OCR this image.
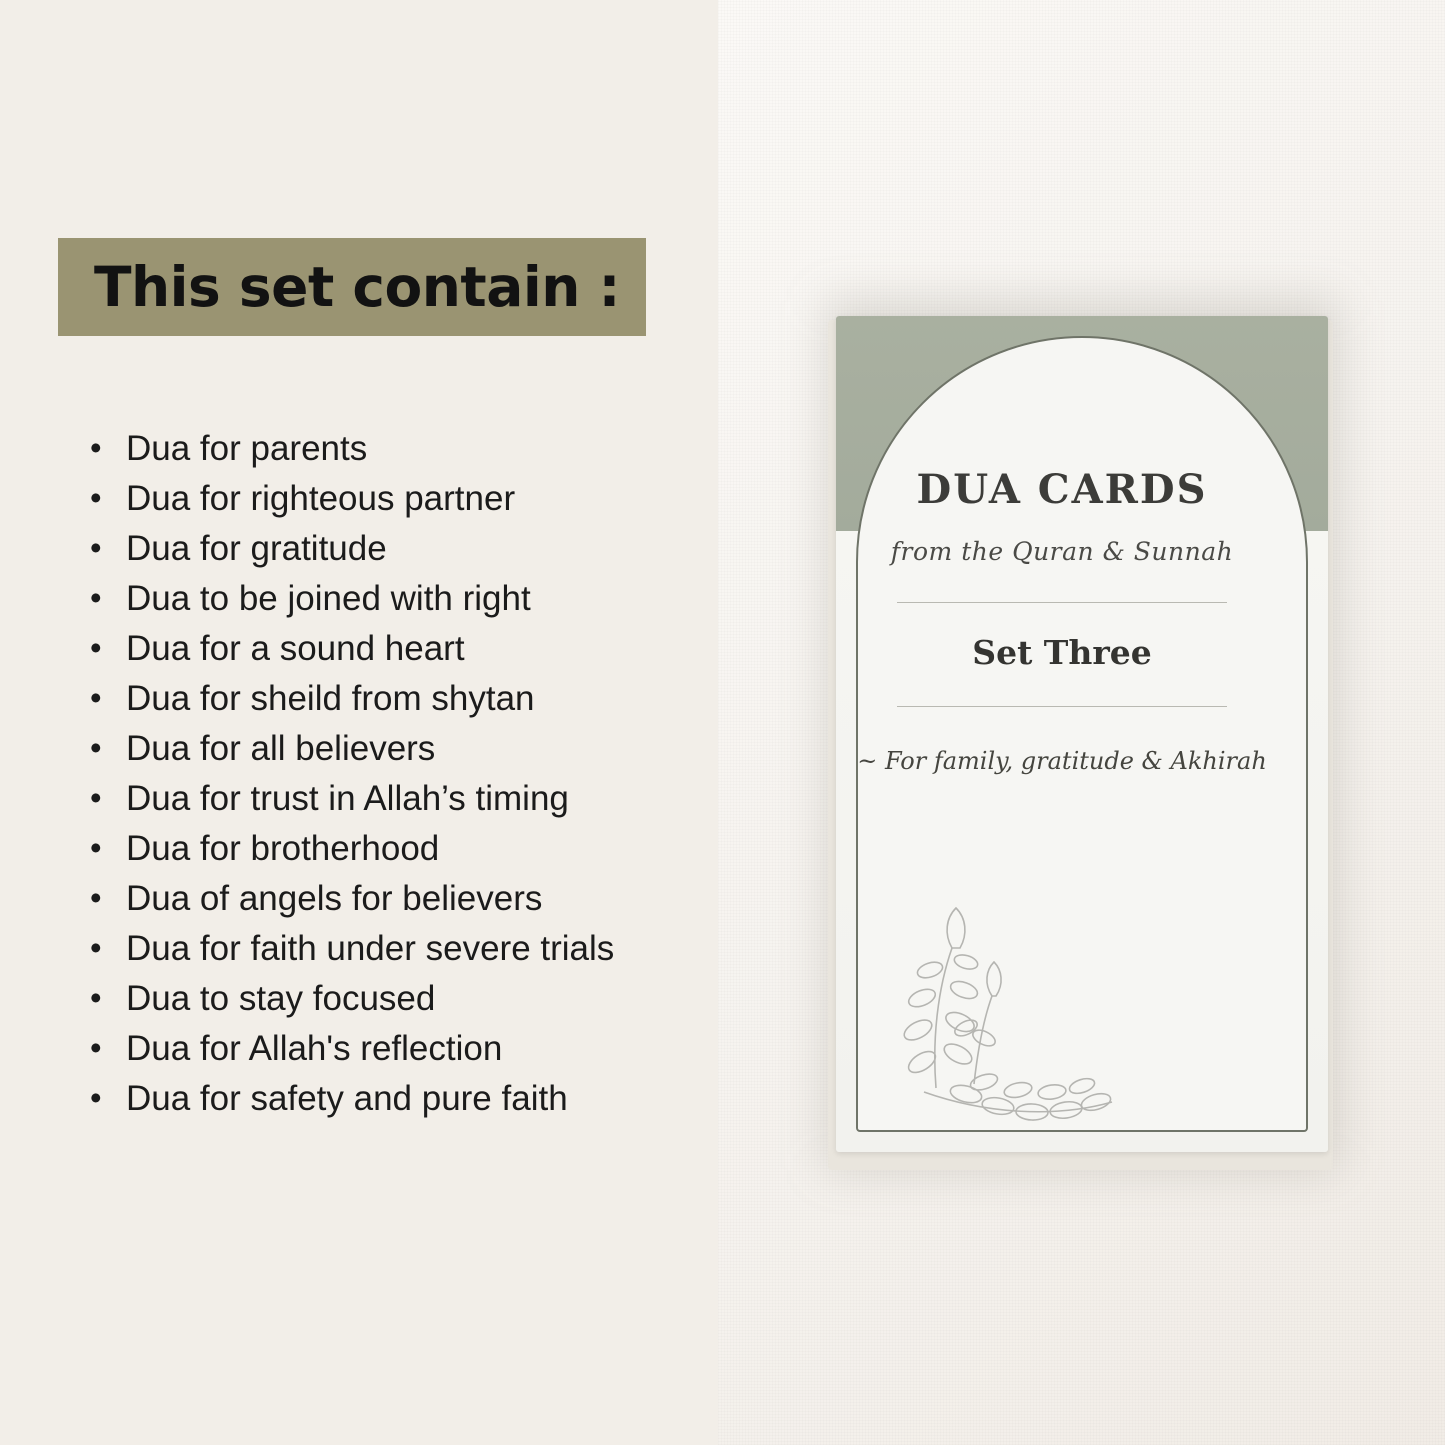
This set contain :
• Dua for parents
• Dua for righteous partner
• Dua for gratitude
• Dua to be joined with right
• Dua for a sound heart
• Dua for sheild from shytan
• Dua for all believers
• Dua for trust in Allah’s timing
• Dua for brotherhood
• Dua of angels for believers
• Dua for faith under severe trials
• Dua to stay focused
• Dua for Allah's reflection
• Dua for safety and pure faith
DUA CARDS
from the Quran & Sunnah
Set Three
~ For family, gratitude & Akhirah
